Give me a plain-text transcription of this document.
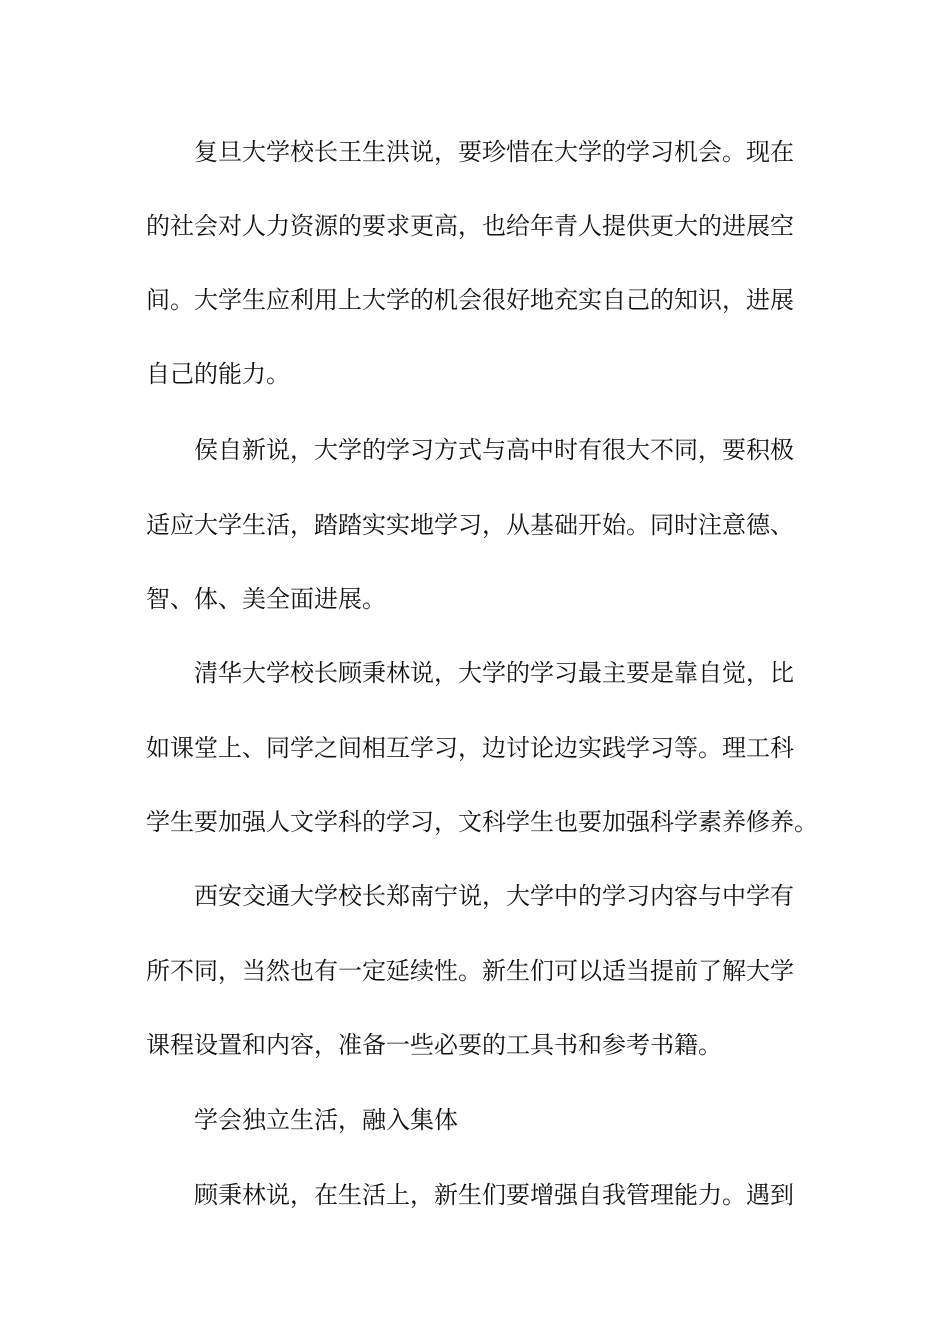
复旦大学校长王生洪说，要珍惜在大学的学习机会。现在
的社会对人力资源的要求更高，也给年青人提供更大的进展空
间。大学生应利用上大学的机会很好地充实自己的知识，进展
自己的能力。
侯自新说，大学的学习方式与高中时有很大不同，要积极
适应大学生活，踏踏实实地学习，从基础开始。同时注意德、
智、体、美全面进展。
清华大学校长顾秉林说，大学的学习最主要是靠自觉，比
如课堂上、同学之间相互学习，边讨论边实践学习等。理工科
学生要加强人文学科的学习，文科学生也要加强科学素养修养。
西安交通大学校长郑南宁说，大学中的学习内容与中学有
所不同，当然也有一定延续性。新生们可以适当提前了解大学
课程设置和内容，准备一些必要的工具书和参考书籍。
学会独立生活，融入集体
顾秉林说，在生活上，新生们要增强自我管理能力。遇到
